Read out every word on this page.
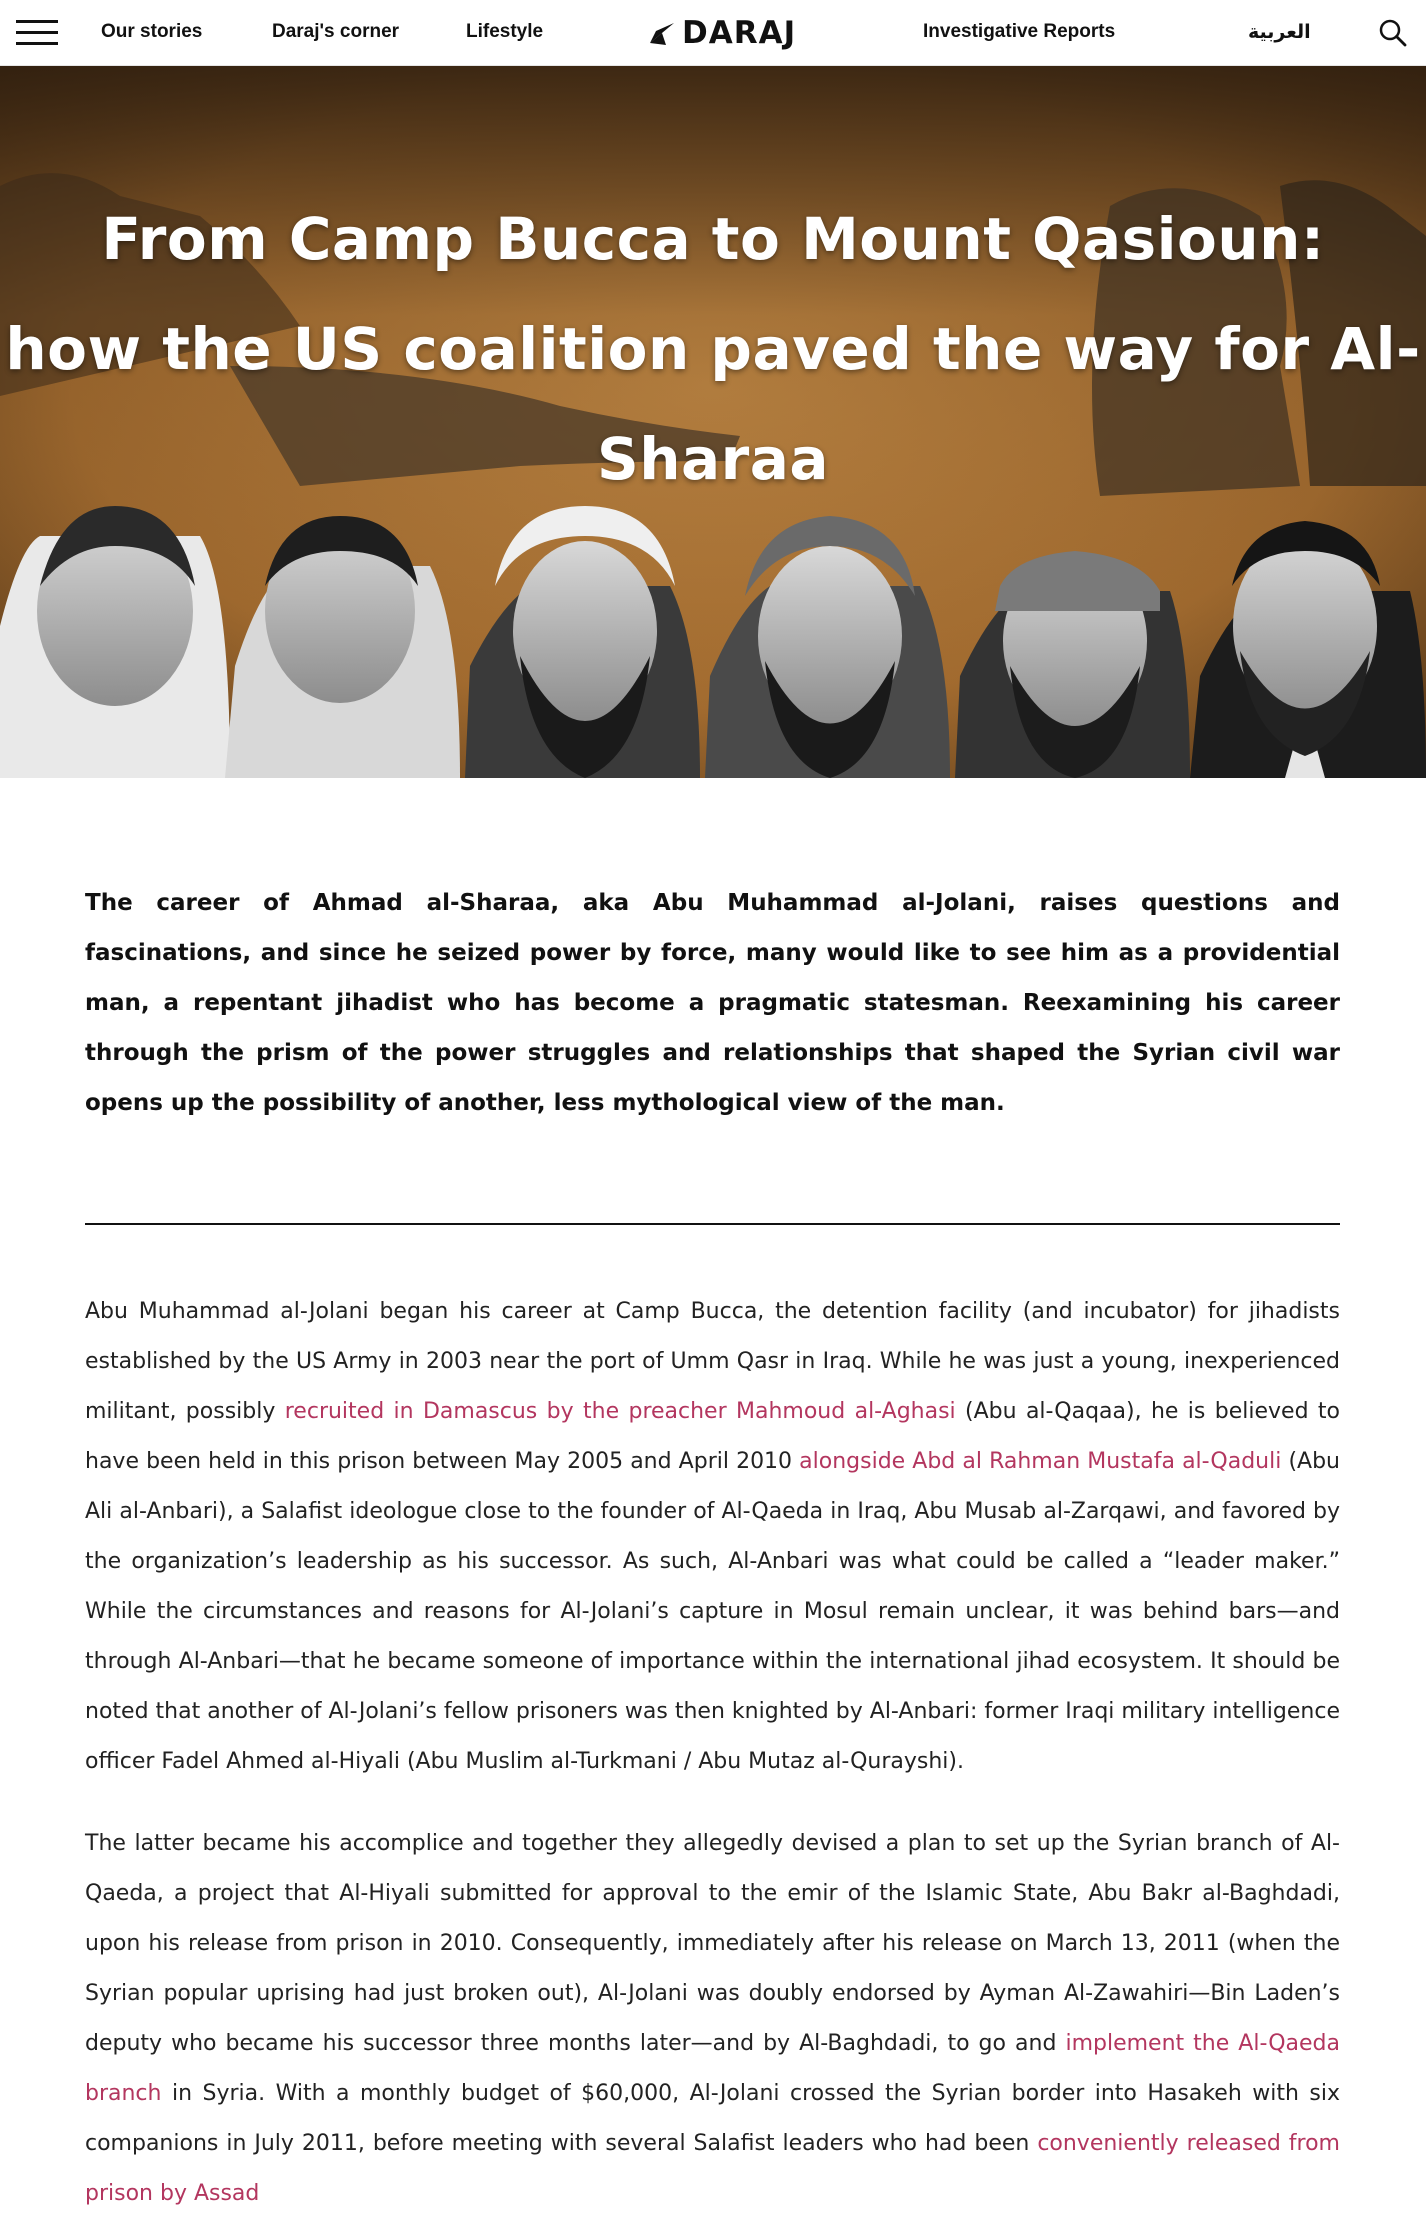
Our stories	Daraj's corner	Lifestyle	DARAJ	Investigative Reports	العربية
From Camp Bucca to Mount Qasioun:
how the US coalition paved the way for Al-Sharaa

The career of Ahmad al-Sharaa, aka Abu Muhammad al-Jolani, raises questions and fascinations, and since he seized power by force, many would like to see him as a providential man, a repentant jihadist who has become a pragmatic statesman. Reexamining his career through the prism of the power struggles and relationships that shaped the Syrian civil war opens up the possibility of another, less mythological view of the man.

Abu Muhammad al-Jolani began his career at Camp Bucca, the detention facility (and incubator) for jihadists established by the US Army in 2003 near the port of Umm Qasr in Iraq. While he was just a young, inexperienced militant, possibly recruited in Damascus by the preacher Mahmoud al-Aghasi (Abu al-Qaqaa), he is believed to have been held in this prison between May 2005 and April 2010 alongside Abd al Rahman Mustafa al-Qaduli (Abu Ali al-Anbari), a Salafist ideologue close to the founder of Al-Qaeda in Iraq, Abu Musab al-Zarqawi, and favored by the organization’s leadership as his successor. As such, Al-Anbari was what could be called a “leader maker.” While the circumstances and reasons for Al-Jolani’s capture in Mosul remain unclear, it was behind bars—and through Al-Anbari—that he became someone of importance within the international jihad ecosystem. It should be noted that another of Al-Jolani’s fellow prisoners was then knighted by Al-Anbari: former Iraqi military intelligence officer Fadel Ahmed al-Hiyali (Abu Muslim al-Turkmani / Abu Mutaz al-Qurayshi).

The latter became his accomplice and together they allegedly devised a plan to set up the Syrian branch of Al-Qaeda, a project that Al-Hiyali submitted for approval to the emir of the Islamic State, Abu Bakr al-Baghdadi, upon his release from prison in 2010. Consequently, immediately after his release on March 13, 2011 (when the Syrian popular uprising had just broken out), Al-Jolani was doubly endorsed by Ayman Al-Zawahiri—Bin Laden’s deputy who became his successor three months later—and by Al-Baghdadi, to go and implement the Al-Qaeda branch in Syria. With a monthly budget of $60,000, Al-Jolani crossed the Syrian border into Hasakeh with six companions in July 2011, before meeting with several Salafist leaders who had been conveniently released from prison by Assad
